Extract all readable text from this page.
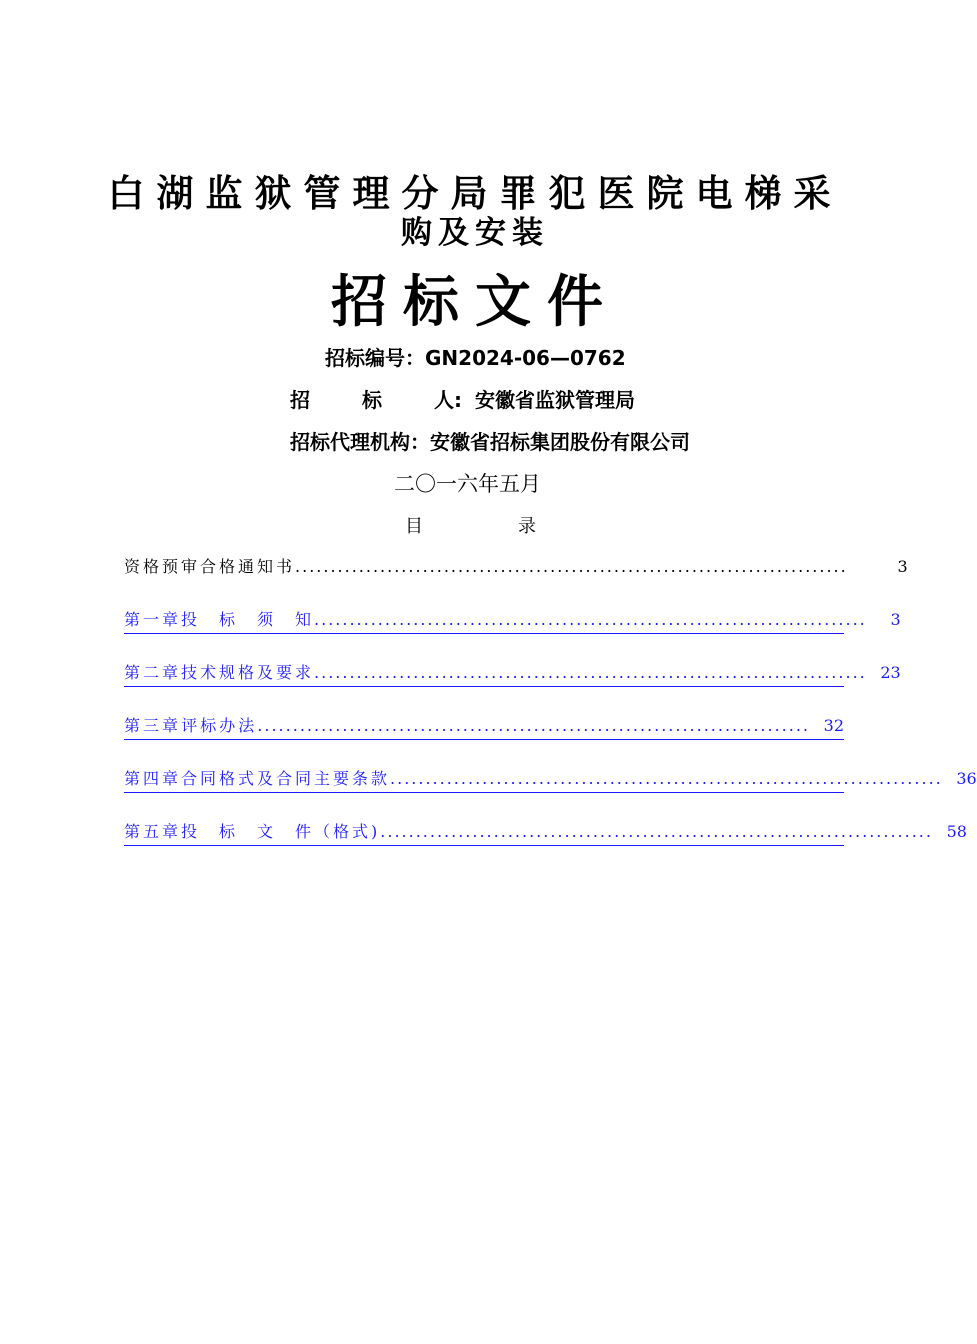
白湖监狱管理分局罪犯医院电梯采
购及安装
招标文件
招标编号：GN2024-06—0762
招	标	人: 安徽省监狱管理局
招标代理机构：安徽省招标集团股份有限公司
二〇一六年五月
目	录
资格预审合格通知书 ..............................................................................	3
第一章 投　标　须　知 ..............................................................................	3
第二章 技术规格及要求 .............................................................................. 23
第三章 评标办法 .............................................................................. 32
第四章 合同格式及合同主要条款 .............................................................................. 36
第五章 投　标　文　件（格式) .............................................................................. 58
